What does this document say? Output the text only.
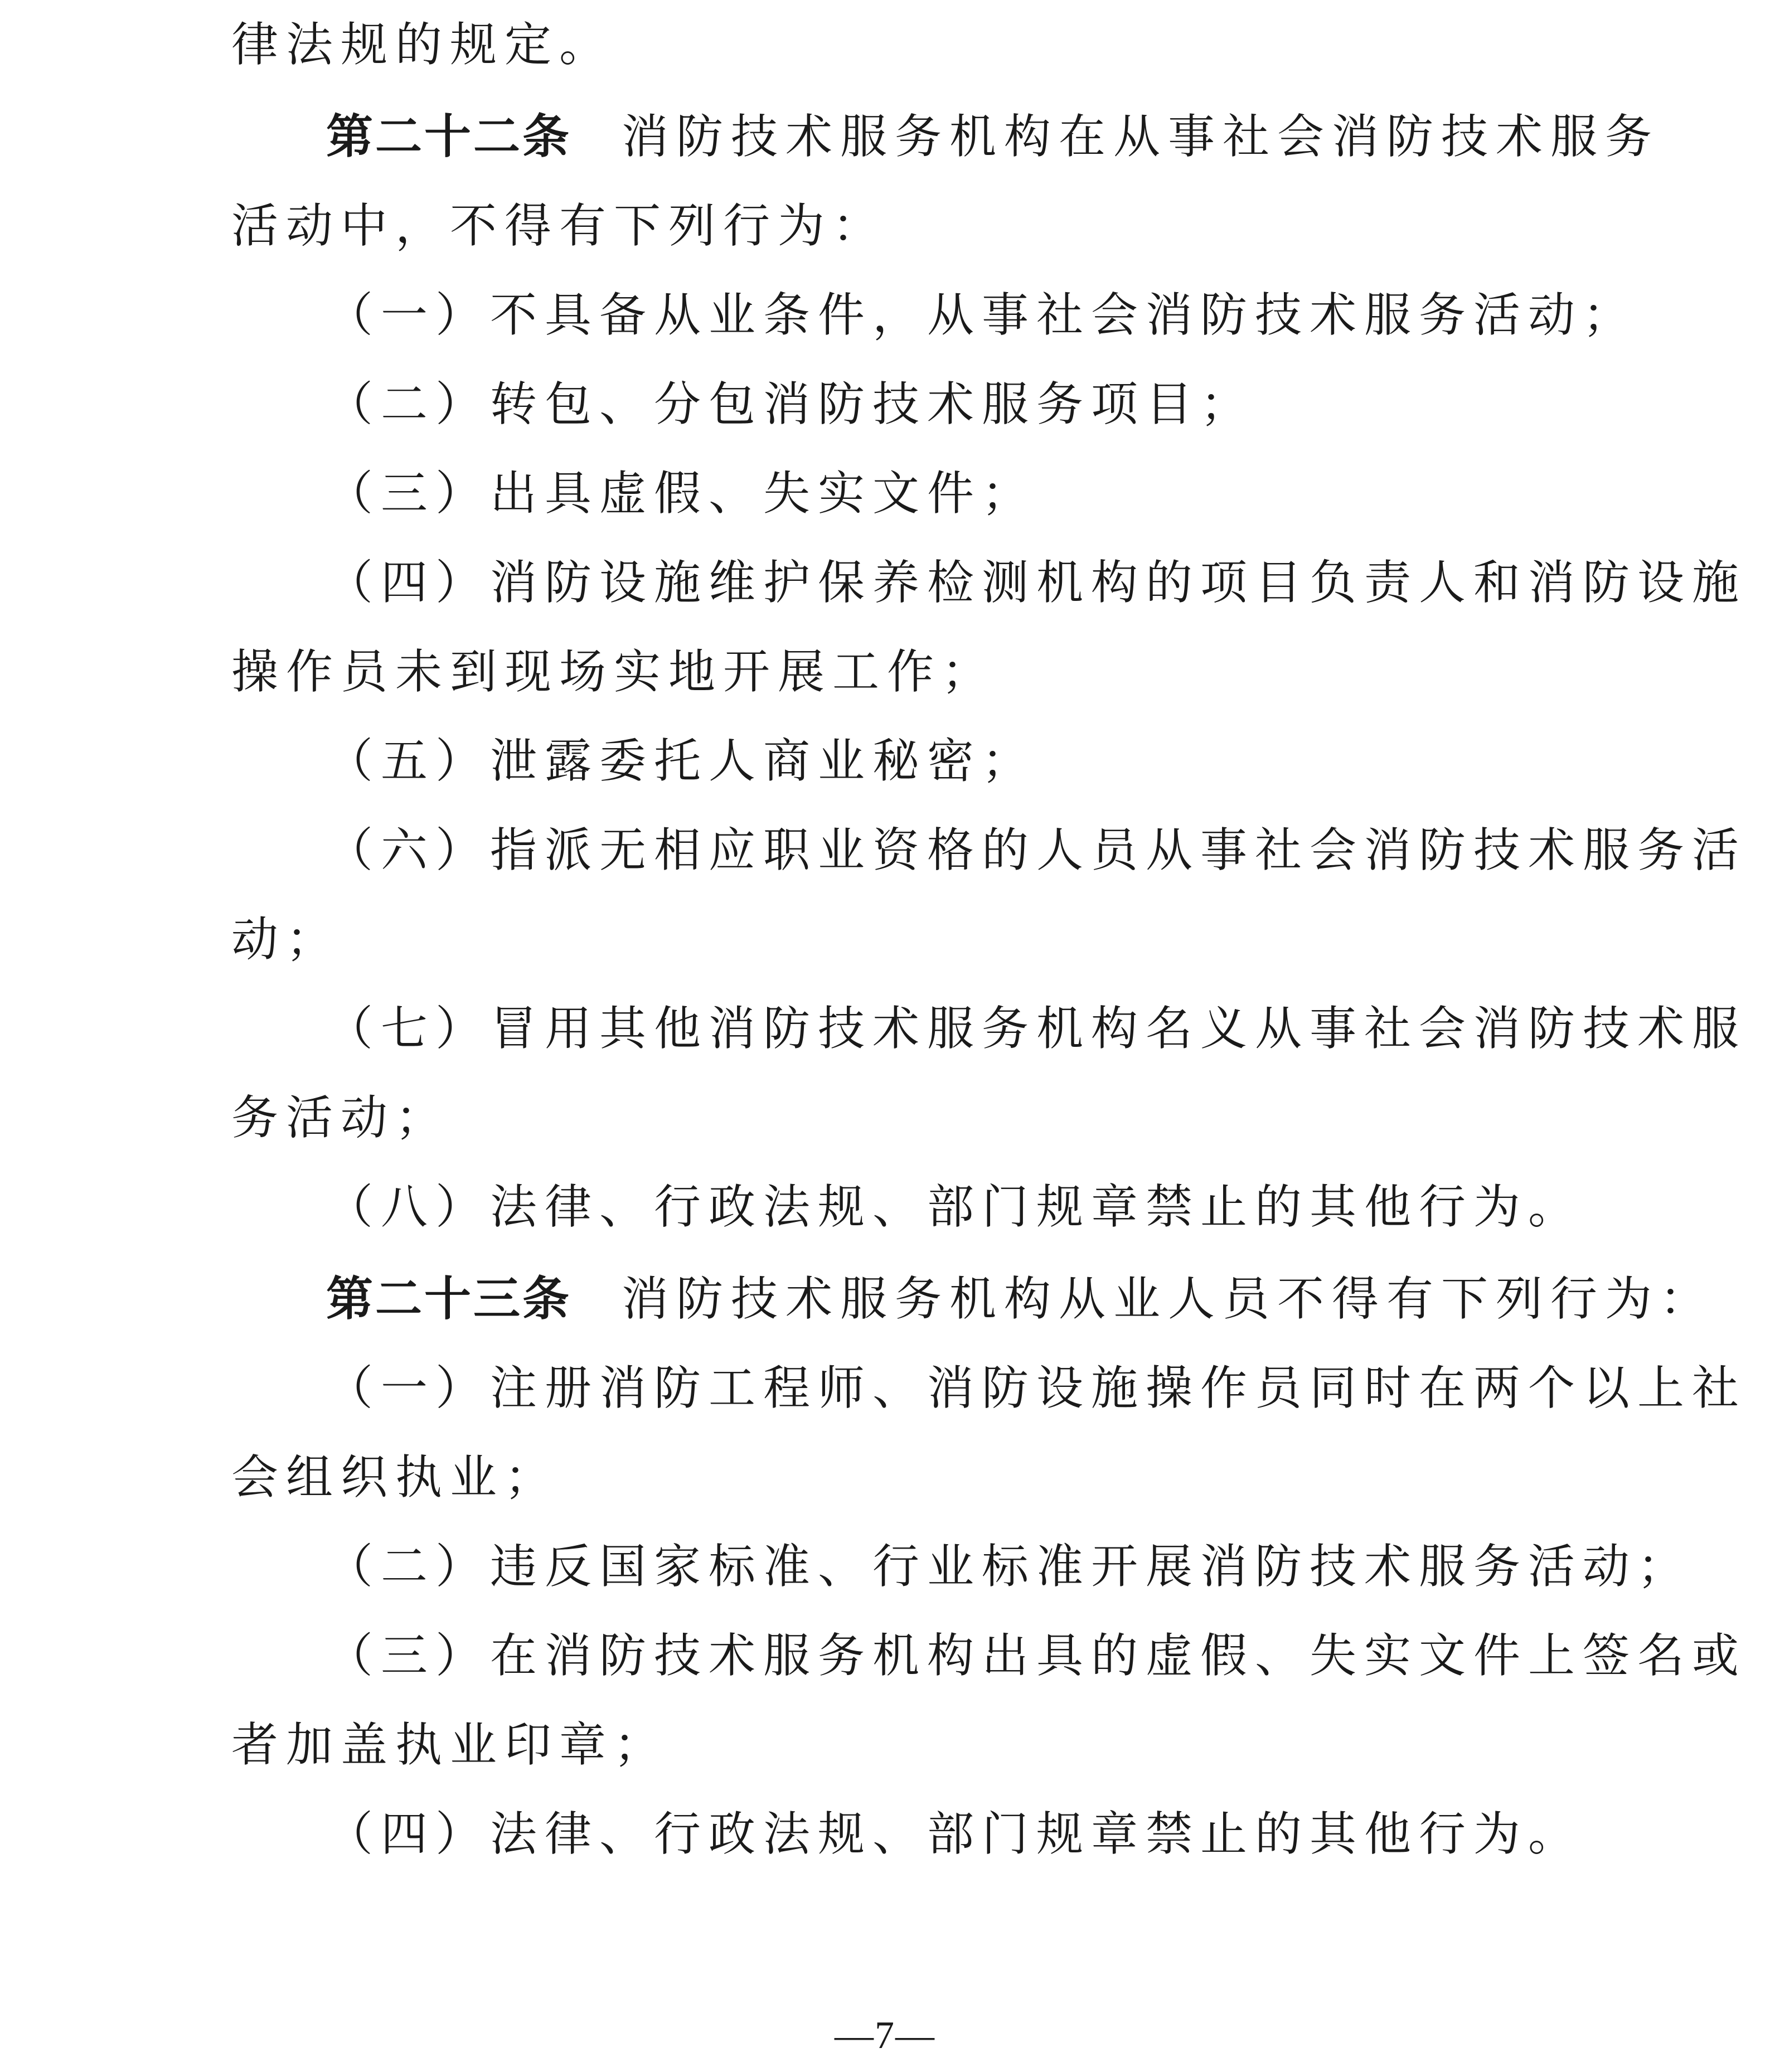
律法规的规定。
第二十二条 消防技术服务机构在从事社会消防技术服务
活动中，不得有下列行为：
（一）不具备从业条件，从事社会消防技术服务活动；
（二）转包、分包消防技术服务项目；
（三）出具虚假、失实文件；
（四）消防设施维护保养检测机构的项目负责人和消防设施
操作员未到现场实地开展工作；
（五）泄露委托人商业秘密；
（六）指派无相应职业资格的人员从事社会消防技术服务活
动；
（七）冒用其他消防技术服务机构名义从事社会消防技术服
务活动；
（八）法律、行政法规、部门规章禁止的其他行为。
第二十三条 消防技术服务机构从业人员不得有下列行为：
（一）注册消防工程师、消防设施操作员同时在两个以上社
会组织执业；
（二）违反国家标准、行业标准开展消防技术服务活动；
（三）在消防技术服务机构出具的虚假、失实文件上签名或
者加盖执业印章；
（四）法律、行政法规、部门规章禁止的其他行为。
—7—
